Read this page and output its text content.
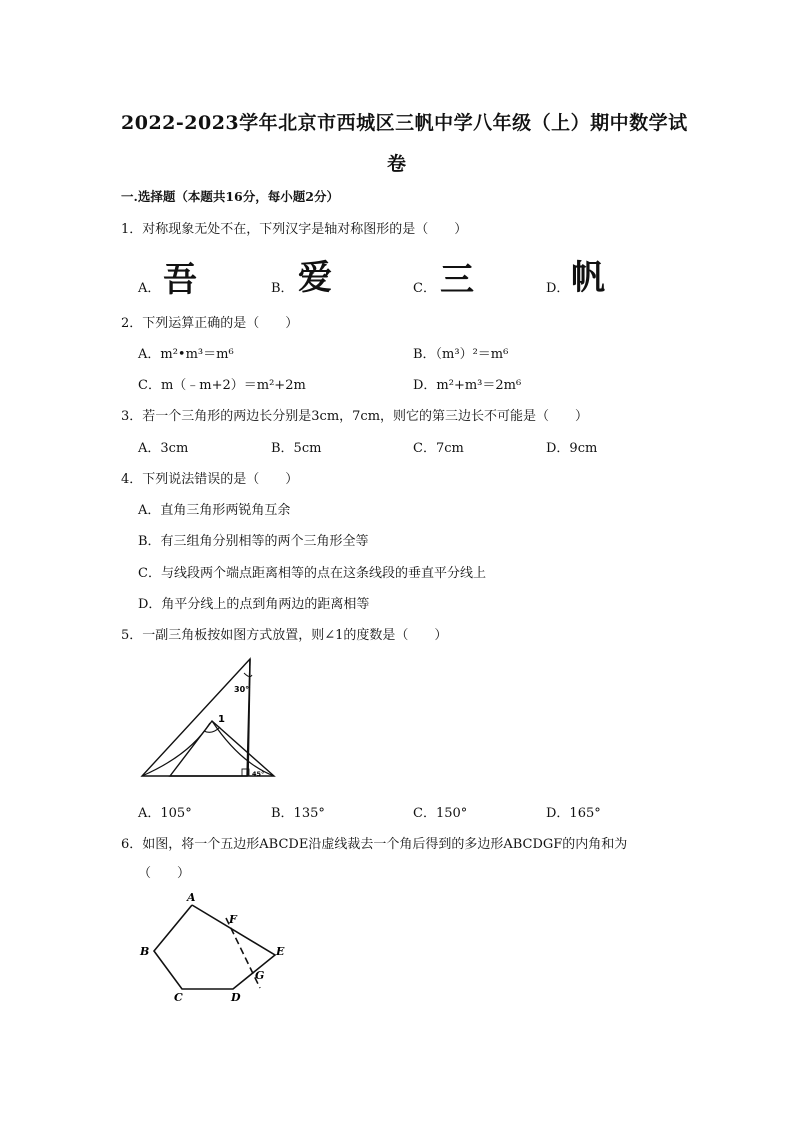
2022-2023学年北京市西城区三帆中学八年级（上）期中数学试
卷
一.选择题（本题共16分，每小题2分）
1．对称现象无处不在，下列汉字是轴对称图形的是（　　）
A． 吾	B． 爱	C． 三	D． 帆
2．下列运算正确的是（　　）
A．m²•m³＝m⁶	B．（m³）²＝m⁶
C．m（﹣m+2）＝m²+2m	D．m²+m³＝2m⁶
3．若一个三角形的两边长分别是3cm，7cm，则它的第三边长不可能是（　　）
A．3cm	B．5cm	C．7cm	D．9cm
4．下列说法错误的是（　　）
A．直角三角形两锐角互余
B．有三组角分别相等的两个三角形全等
C．与线段两个端点距离相等的点在这条线段的垂直平分线上
D．角平分线上的点到角两边的距离相等
5．一副三角板按如图方式放置，则∠1的度数是（　　）
30°
1
45°
A．105°	B．135°	C．150°	D．165°
6．如图，将一个五边形ABCDE沿虚线裁去一个角后得到的多边形ABCDGF的内角和为
（　　）
A
B
C	D
E
F
G
